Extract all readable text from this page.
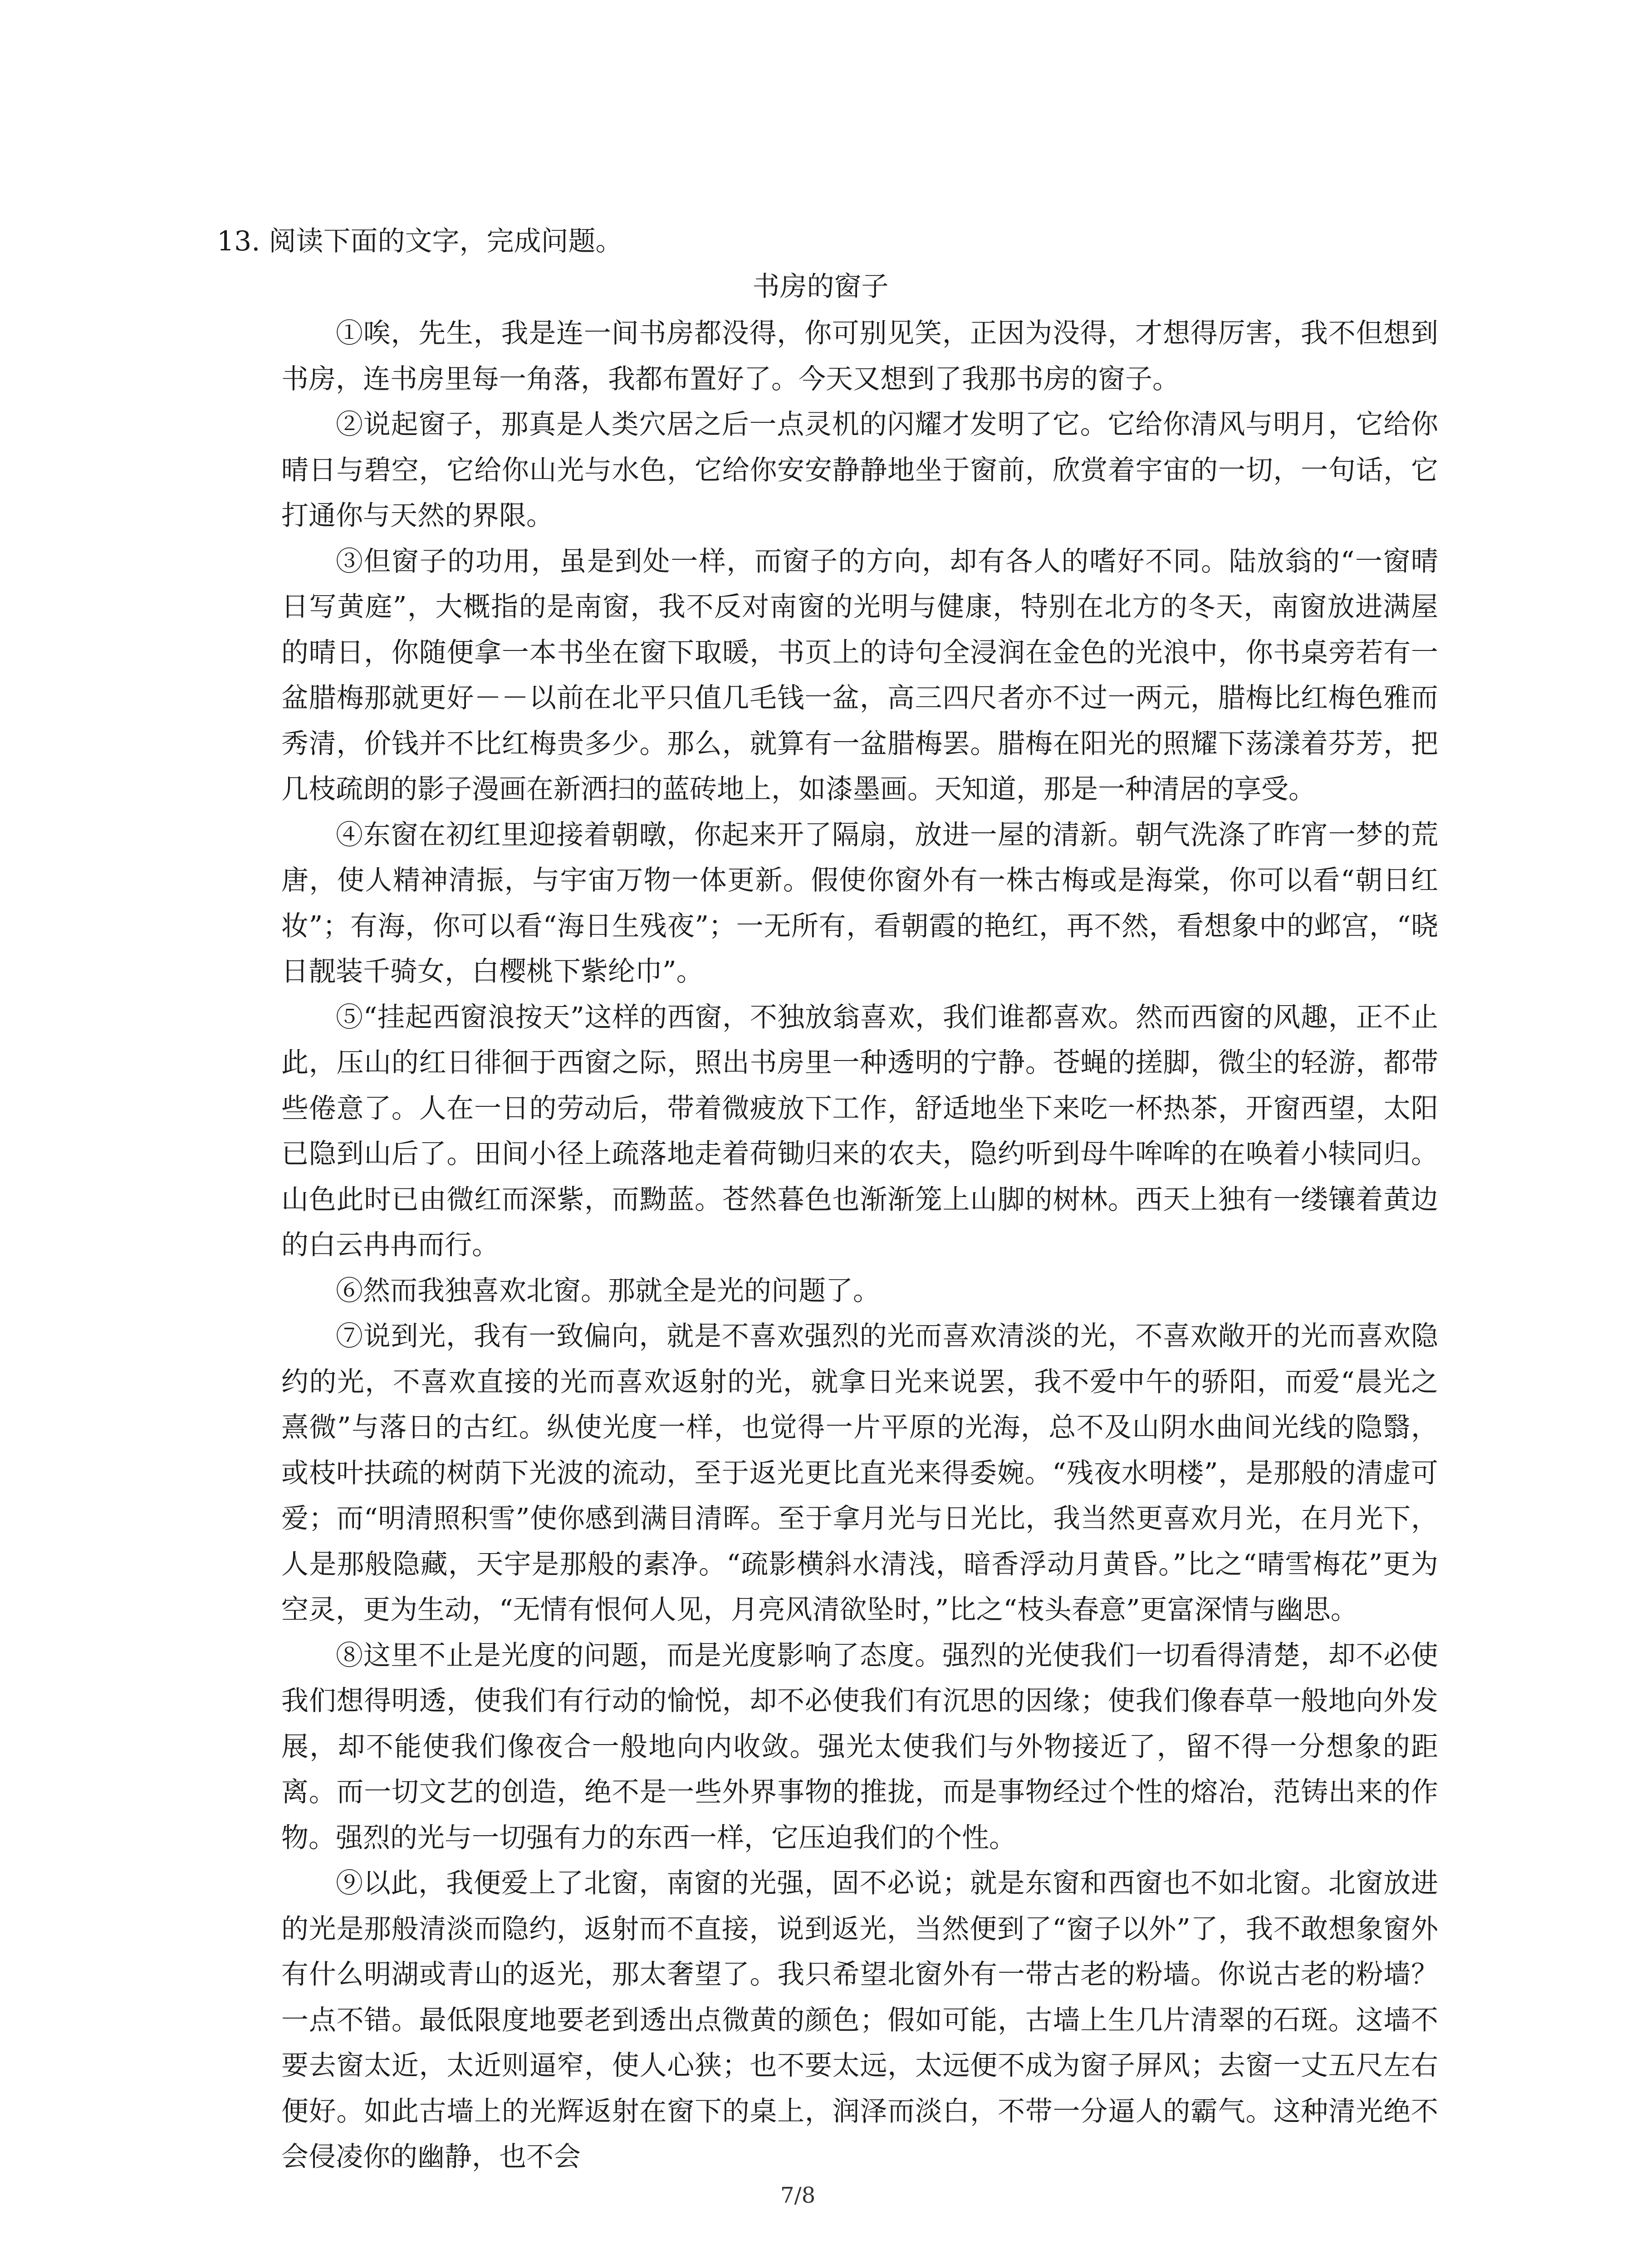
13. 阅读下面的文字，完成问题。
书房的窗子

①唉，先生，我是连一间书房都没得，你可别见笑，正因为没得，才想得厉害，我不但想到书房，连书房里每一角落，我都布置好了。今天又想到了我那书房的窗子。

②说起窗子，那真是人类穴居之后一点灵机的闪耀才发明了它。它给你清风与明月，它给你晴日与碧空，它给你山光与水色，它给你安安静静地坐于窗前，欣赏着宇宙的一切，一句话，它打通你与天然的界限。

③但窗子的功用，虽是到处一样，而窗子的方向，却有各人的嗜好不同。陆放翁的“一窗晴日写黄庭”，大概指的是南窗，我不反对南窗的光明与健康，特别在北方的冬天，南窗放进满屋的晴日，你随便拿一本书坐在窗下取暖，书页上的诗句全浸润在金色的光浪中，你书桌旁若有一盆腊梅那就更好－－以前在北平只值几毛钱一盆，高三四尺者亦不过一两元，腊梅比红梅色雅而秀清，价钱并不比红梅贵多少。那么，就算有一盆腊梅罢。腊梅在阳光的照耀下荡漾着芬芳，把几枝疏朗的影子漫画在新洒扫的蓝砖地上，如漆墨画。天知道，那是一种清居的享受。

④东窗在初红里迎接着朝暾，你起来开了隔扇，放进一屋的清新。朝气洗涤了昨宵一梦的荒唐，使人精神清振，与宇宙万物一体更新。假使你窗外有一株古梅或是海棠，你可以看“朝日红妆”；有海，你可以看“海日生残夜”；一无所有，看朝霞的艳红，再不然，看想象中的邺宫，“晓日靓装千骑女，白樱桃下紫纶巾”。

⑤“挂起西窗浪按天”这样的西窗，不独放翁喜欢，我们谁都喜欢。然而西窗的风趣，正不止此，压山的红日徘徊于西窗之际，照出书房里一种透明的宁静。苍蝇的搓脚，微尘的轻游，都带些倦意了。人在一日的劳动后，带着微疲放下工作，舒适地坐下来吃一杯热茶，开窗西望，太阳已隐到山后了。田间小径上疏落地走着荷锄归来的农夫，隐约听到母牛哞哞的在唤着小犊同归。山色此时已由微红而深紫，而黝蓝。苍然暮色也渐渐笼上山脚的树林。西天上独有一缕镶着黄边的白云冉冉而行。

⑥然而我独喜欢北窗。那就全是光的问题了。

⑦说到光，我有一致偏向，就是不喜欢强烈的光而喜欢清淡的光，不喜欢敞开的光而喜欢隐约的光，不喜欢直接的光而喜欢返射的光，就拿日光来说罢，我不爱中午的骄阳，而爱“晨光之熹微”与落日的古红。纵使光度一样，也觉得一片平原的光海，总不及山阴水曲间光线的隐翳，或枝叶扶疏的树荫下光波的流动，至于返光更比直光来得委婉。“残夜水明楼”，是那般的清虚可爱；而“明清照积雪”使你感到满目清晖。至于拿月光与日光比，我当然更喜欢月光，在月光下，人是那般隐藏，天宇是那般的素净。“疏影横斜水清浅，暗香浮动月黄昏。”比之“晴雪梅花”更为空灵，更为生动，“无情有恨何人见，月亮风清欲坠时，”比之“枝头春意”更富深情与幽思。

⑧这里不止是光度的问题，而是光度影响了态度。强烈的光使我们一切看得清楚，却不必使我们想得明透，使我们有行动的愉悦，却不必使我们有沉思的因缘；使我们像春草一般地向外发展，却不能使我们像夜合一般地向内收敛。强光太使我们与外物接近了，留不得一分想象的距离。而一切文艺的创造，绝不是一些外界事物的推拢，而是事物经过个性的熔冶，范铸出来的作物。强烈的光与一切强有力的东西一样，它压迫我们的个性。

⑨以此，我便爱上了北窗，南窗的光强，固不必说；就是东窗和西窗也不如北窗。北窗放进的光是那般清淡而隐约，返射而不直接，说到返光，当然便到了“窗子以外”了，我不敢想象窗外有什么明湖或青山的返光，那太奢望了。我只希望北窗外有一带古老的粉墙。你说古老的粉墙？一点不错。最低限度地要老到透出点微黄的颜色；假如可能，古墙上生几片清翠的石斑。这墙不要去窗太近，太近则逼窄，使人心狭；也不要太远，太远便不成为窗子屏风；去窗一丈五尺左右便好。如此古墙上的光辉返射在窗下的桌上，润泽而淡白，不带一分逼人的霸气。这种清光绝不会侵凌你的幽静，也不会

7/8
